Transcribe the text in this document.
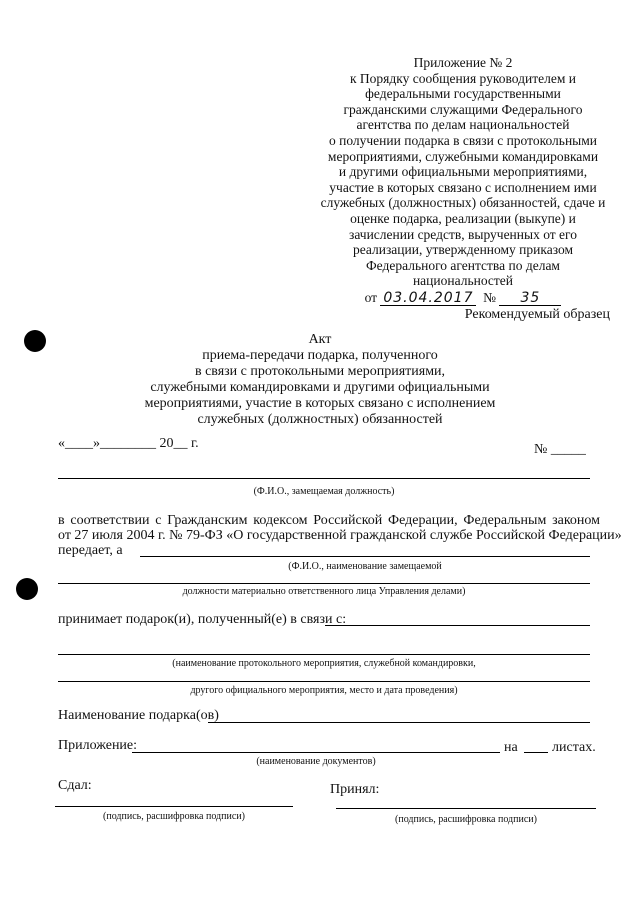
Приложение № 2
к Порядку сообщения руководителем и
федеральными государственными
гражданскими служащими Федерального
агентства по делам национальностей
о получении подарка в связи с протокольными
мероприятиями, служебными командировками
и другими официальными мероприятиями,
участие в которых связано с исполнением ими
служебных (должностных) обязанностей, сдаче и
оценке подарка, реализации (выкупе) и
зачислении средств, вырученных от его
реализации, утвержденному приказом
Федерального агентства по делам
национальностей
от 03.04.2017 № 35
Рекомендуемый образец
Акт
приема-передачи подарка, полученного
в связи с протокольными мероприятиями,
служебными командировками и другими официальными
мероприятиями, участие в которых связано с исполнением
служебных (должностных) обязанностей
«____»________ 20__ г.	№ _____
(Ф.И.О., замещаемая должность)
в соответствии с Гражданским кодексом Российской Федерации, Федеральным законом
от 27 июля 2004 г. № 79-ФЗ «О государственной гражданской службе Российской Федерации»
передает, а
(Ф.И.О., наименование замещаемой
должности материально ответственного лица Управления делами)
принимает подарок(и), полученный(е) в связи с:
(наименование протокольного мероприятия, служебной командировки,
другого официального мероприятия, место и дата проведения)
Наименование подарка(ов)
Приложение:	на листах.
(наименование документов)
Сдал:	Принял:
(подпись, расшифровка подписи)	(подпись, расшифровка подписи)
